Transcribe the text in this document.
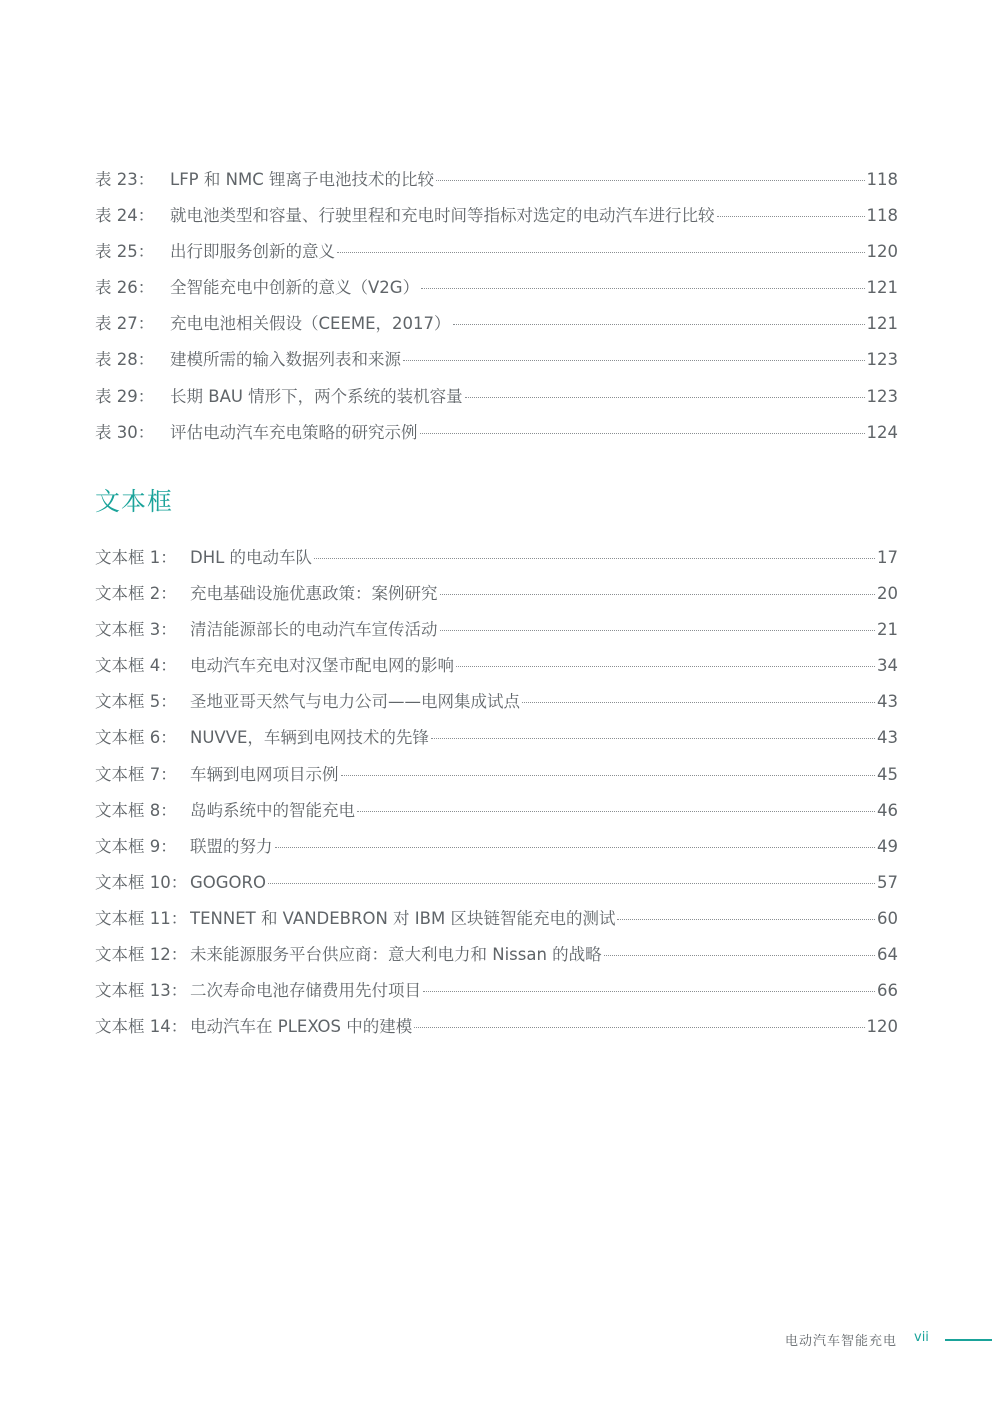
表 23： LFP 和 NMC 锂离子电池技术的比较	118
表 24： 就电池类型和容量、行驶里程和充电时间等指标对选定的电动汽车进行比较	118
表 25： 出行即服务创新的意义	120
表 26： 全智能充电中创新的意义（V2G）	121
表 27： 充电电池相关假设（CEEME，2017）	121
表 28： 建模所需的输入数据列表和来源	123
表 29： 长期 BAU 情形下，两个系统的装机容量	123
表 30： 评估电动汽车充电策略的研究示例	124
文本框
文本框 1： DHL 的电动车队	17
文本框 2： 充电基础设施优惠政策：案例研究	20
文本框 3： 清洁能源部长的电动汽车宣传活动	21
文本框 4： 电动汽车充电对汉堡市配电网的影响	34
文本框 5： 圣地亚哥天然气与电力公司——电网集成试点	43
文本框 6： NUVVE，车辆到电网技术的先锋	43
文本框 7： 车辆到电网项目示例	45
文本框 8： 岛屿系统中的智能充电	46
文本框 9： 联盟的努力	49
文本框 10： GOGORO	57
文本框 11： TENNET 和 VANDEBRON 对 IBM 区块链智能充电的测试	60
文本框 12： 未来能源服务平台供应商：意大利电力和 Nissan 的战略	64
文本框 13： 二次寿命电池存储费用先付项目	66
文本框 14： 电动汽车在 PLEXOS 中的建模	120
电动汽车智能充电 vii
